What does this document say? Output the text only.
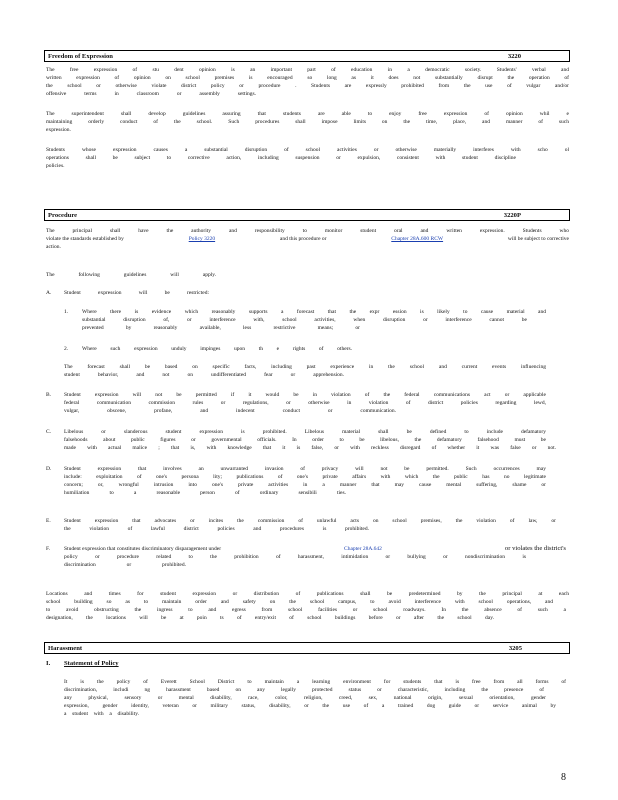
Freedom of Expression	3220
The free expression of stu dent opinion is an important part of education in a democratic society. Students' verbal and
written expression of opinion on school premises is encouraged so long as it does not substantially disrupt the operation of
the school or otherwise violate district policy or procedure . Students are expressly prohibited from the use of vulgar and/or
offensive terms in classroom or assembly settings.
The superintendent shall develop guidelines assuring that students are able to enjoy free expression of opinion whil e
maintaining orderly conduct of the school. Such procedures shall impose limits on the time, place, and manner of such
expression.
Students whose expression causes a substantial disruption of school activities or otherwise materially interferes with scho ol
operations shall be subject to corrective action, including suspension or expulsion, consistent with student discipline
policies.
Procedure	3220P
The principal shall have the authority and responsibility to monitor student oral and written expression. Students who
violate the standards established by	Policy 3220	and this procedure or	Chapter 28A.600 RCW	will be subject to corrective
action.
The following guidelines will apply.
A. Student expression will be restricted:
1.	Where there is evidence which reasonably supports a forecast that the expr ession is likely to cause material and
substantial disruption of, or interference with, school activities, when disruption or interference cannot be
prevented by reasonably available, less restrictive means; or
2.	Where such expression unduly impinges upon th e rights of others.
The forecast shall be based on specific facts, including past experience in the school and current events influencing
student behavior, and not on undifferentiated fear or apprehension.
B. Student expression will not be permitted if it would be in violation of the federal communications act or applicable
federal communication commission rules or regulations, or otherwise in violation of district policies regarding lewd,
vulgar, obscene, profane, and indecent conduct or communication.
C. Libelous or slanderous student expression is prohibited. Libelous material shall be defined to include defamatory
falsehoods about public figures or governmental officials. In order to be libelous, the defamatory falsehood must be
made with actual malice ; that is, with knowledge that it is false, or with reckless disregard of whether it was false or not.
D. Student expression that involves an unwarranted invasion of privacy will not be permitted. Such occurrences may
include: exploitation of one's persona lity; publications of one's private affairs with which the public has no legitimate
concern; or, wrongful intrusion into one's private activities in a manner that may cause mental suffering, shame or
humiliation to a reasonable person of ordinary sensibili ties.
E. Student expression that advocates or incites the commission of unlawful acts on school premises, the violation of law, or
the violation of lawful district policies and procedures is prohibited.
F.	Student expression that constitutes discriminatory disparagement under	Chapter 28A.642	or violates the district's
policy or procedure related to the prohibition of harassment, intimidation or bullying or nondiscrimination is
discrimination or prohibited.
Locations and times for student expression or distribution of publications shall be predetermined by the principal at each
school building so as to maintain order and safety on the school campus, to avoid interference with school operations, and
to avoid obstructing the ingress to and egress from school facilities or school roadways. In the absence of such a
designation, the locations will be at poin ts of entry/exit of school buildings before or after the school day.
Harassment	3205
I. Statement of Policy
It is the policy of Everett School District to maintain a learning environment for students that is free from all forms of
discrimination, includi ng harassment based on any legally protected status or characteristic, including the presence of
any physical, sensory or mental disability, race, color, religion, creed, sex, national origin, sexual orientation, gender
expression, gender identity, veteran or military status, disability, or the use of a trained dog guide or service animal by
a student with a disability.
8
